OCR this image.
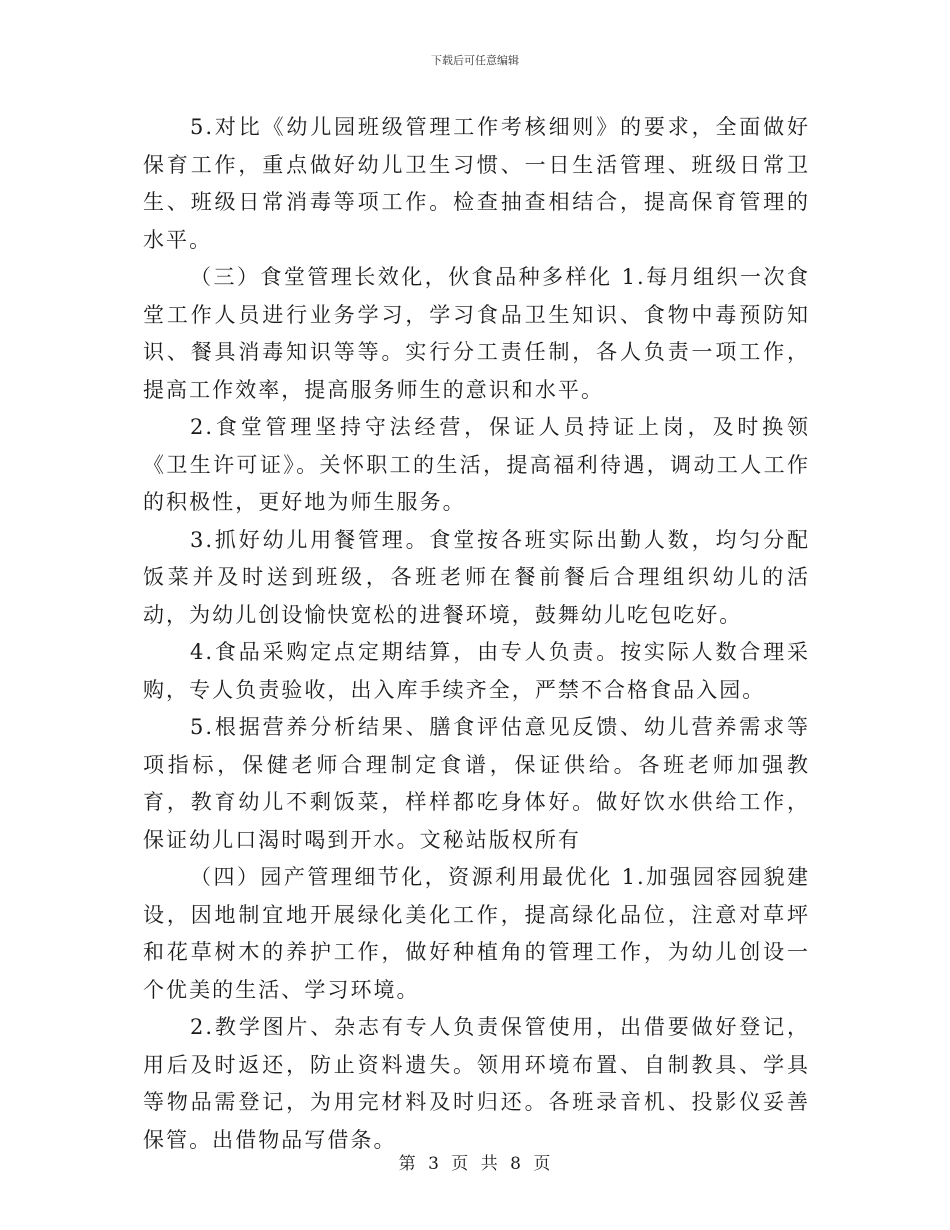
下载后可任意编辑

5.对比《幼儿园班级管理工作考核细则》的要求，全面做好保育工作，重点做好幼儿卫生习惯、一日生活管理、班级日常卫生、班级日常消毒等项工作。检查抽查相结合，提高保育管理的水平。

（三）食堂管理长效化，伙食品种多样化 1.每月组织一次食堂工作人员进行业务学习，学习食品卫生知识、食物中毒预防知识、餐具消毒知识等等。实行分工责任制，各人负责一项工作，提高工作效率，提高服务师生的意识和水平。

2.食堂管理坚持守法经营，保证人员持证上岗，及时换领《卫生许可证》。关怀职工的生活，提高福利待遇，调动工人工作的积极性，更好地为师生服务。

3.抓好幼儿用餐管理。食堂按各班实际出勤人数，均匀分配饭菜并及时送到班级，各班老师在餐前餐后合理组织幼儿的活动，为幼儿创设愉快宽松的进餐环境，鼓舞幼儿吃包吃好。

4.食品采购定点定期结算，由专人负责。按实际人数合理采购，专人负责验收，出入库手续齐全，严禁不合格食品入园。

5.根据营养分析结果、膳食评估意见反馈、幼儿营养需求等项指标，保健老师合理制定食谱，保证供给。各班老师加强教育，教育幼儿不剩饭菜，样样都吃身体好。做好饮水供给工作，保证幼儿口渴时喝到开水。文秘站版权所有

（四）园产管理细节化，资源利用最优化 1.加强园容园貌建设，因地制宜地开展绿化美化工作，提高绿化品位，注意对草坪和花草树木的养护工作，做好种植角的管理工作，为幼儿创设一个优美的生活、学习环境。

2.教学图片、杂志有专人负责保管使用，出借要做好登记，用后及时返还，防止资料遗失。领用环境布置、自制教具、学具等物品需登记，为用完材料及时归还。各班录音机、投影仪妥善保管。出借物品写借条。

第 3 页 共 8 页
